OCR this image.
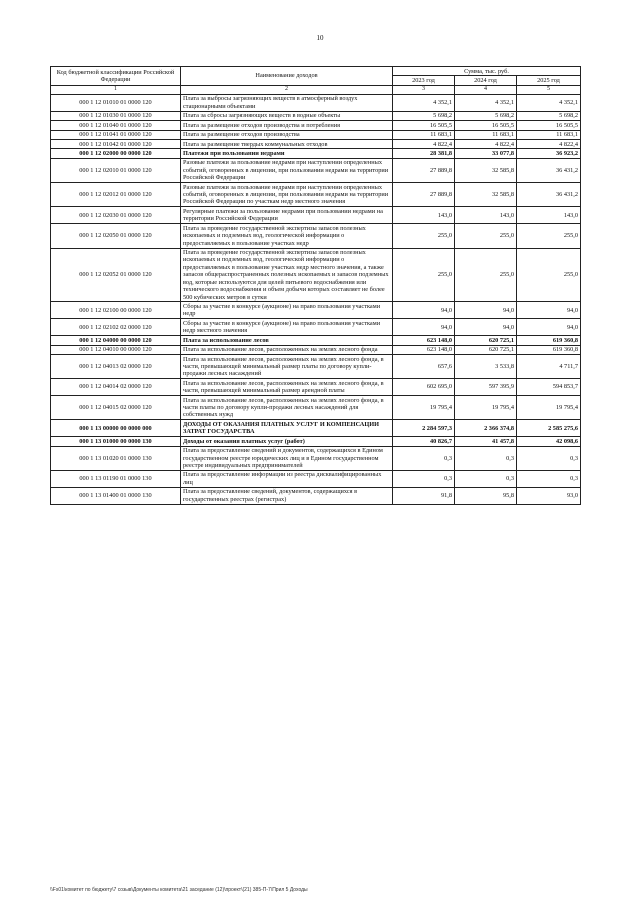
10
Код бюджетной классификации Российской Федерации	Наименование доходов	Сумма, тыс. руб.		
		2023 год	2024 год	2025 год
1	2	3	4	5
000 1 12 01010 01 0000 120	Плата за выбросы загрязняющих веществ в атмосферный воздух стационарными объектами	4 352,1	4 352,1	4 352,1
000 1 12 01030 01 0000 120	Плата за сбросы загрязняющих веществ в водные объекты	5 698,2	5 698,2	5 698,2
000 1 12 01040 01 0000 120	Плата за размещение отходов производства и потребления	16 505,5	16 505,5	16 505,5
000 1 12 01041 01 0000 120	Плата за размещение отходов производства	11 683,1	11 683,1	11 683,1
000 1 12 01042 01 0000 120	Плата за размещение твердых коммунальных отходов	4 822,4	4 822,4	4 822,4
000 1 12 02000 00 0000 120	Платежи при пользовании недрами	28 381,8	33 077,8	36 923,2
000 1 12 02010 01 0000 120	Разовые платежи за пользование недрами при наступлении определенных событий, оговоренных в лицензии, при пользовании недрами на территории Российской Федерации	27 889,8	32 585,8	36 431,2
000 1 12 02012 01 0000 120	Разовые платежи за пользование недрами при наступлении определенных событий, оговоренных в лицензии, при пользовании недрами на территории Российской Федерации по участкам недр местного значения	27 889,8	32 585,8	36 431,2
000 1 12 02030 01 0000 120	Регулярные платежи за пользование недрами при пользовании недрами на территории Российской Федерации	143,0	143,0	143,0
000 1 12 02050 01 0000 120	Плата за проведение государственной экспертизы запасов полезных ископаемых и подземных вод, геологической информации о предоставляемых в пользование участках недр	255,0	255,0	255,0
000 1 12 02052 01 0000 120	Плата за проведение государственной экспертизы запасов полезных ископаемых и подземных вод, геологической информации о предоставляемых в пользование участках недр местного значения, а также запасов общераспространенных полезных ископаемых и запасов подземных вод, которые используются для целей питьевого водоснабжения или технического водоснабжения и объем добычи которых составляет не более 500 кубических метров в сутки	255,0	255,0	255,0
000 1 12 02100 00 0000 120	Сборы за участие в конкурсе (аукционе) на право пользования участками недр	94,0	94,0	94,0
000 1 12 02102 02 0000 120	Сборы за участие в конкурсе (аукционе) на право пользования участками недр местного значения	94,0	94,0	94,0
000 1 12 04000 00 0000 120	Плата за использование лесов	623 148,0	620 725,1	619 360,8
000 1 12 04010 00 0000 120	Плата за использование лесов, расположенных на землях лесного фонда	623 148,0	620 725,1	619 360,8
000 1 12 04013 02 0000 120	Плата за использование лесов, расположенных на землях лесного фонда, в части, превышающей минимальный размер платы по договору купли-продажи лесных насаждений	657,6	3 533,8	4 711,7
000 1 12 04014 02 0000 120	Плата за использование лесов, расположенных на землях лесного фонда, в части, превышающей минимальный размер арендной платы	602 695,0	597 395,9	594 853,7
000 1 12 04015 02 0000 120	Плата за использование лесов, расположенных на землях лесного фонда, в части платы по договору купли-продажи лесных насаждений для собственных нужд	19 795,4	19 795,4	19 795,4
000 1 13 00000 00 0000 000	ДОХОДЫ ОТ ОКАЗАНИЯ ПЛАТНЫХ УСЛУГ И КОМПЕНСАЦИИ ЗАТРАТ ГОСУДАРСТВА	2 284 597,3	2 366 374,8	2 585 275,6
000 1 13 01000 00 0000 130	Доходы от оказания платных услуг (работ)	40 826,7	41 457,8	42 098,6
000 1 13 01020 01 0000 130	Плата за предоставление сведений и документов, содержащихся в Едином государственном реестре юридических лиц и в Едином государственном реестре индивидуальных предпринимателей	0,3	0,3	0,3
000 1 13 01190 01 0000 130	Плата за предоставление информации из реестра дисквалифицированных лиц	0,3	0,3	0,3
000 1 13 01400 01 0000 130	Плата за предоставление сведений, документов, содержащихся в государственных реестрах (регистрах)	91,8	95,8	93,0
\\Fs01\комитет по бюджету\7 созыв\Документы комитета\21 заседание (12)\проект\(21) 385-П-7\Прил 5 Доходы
